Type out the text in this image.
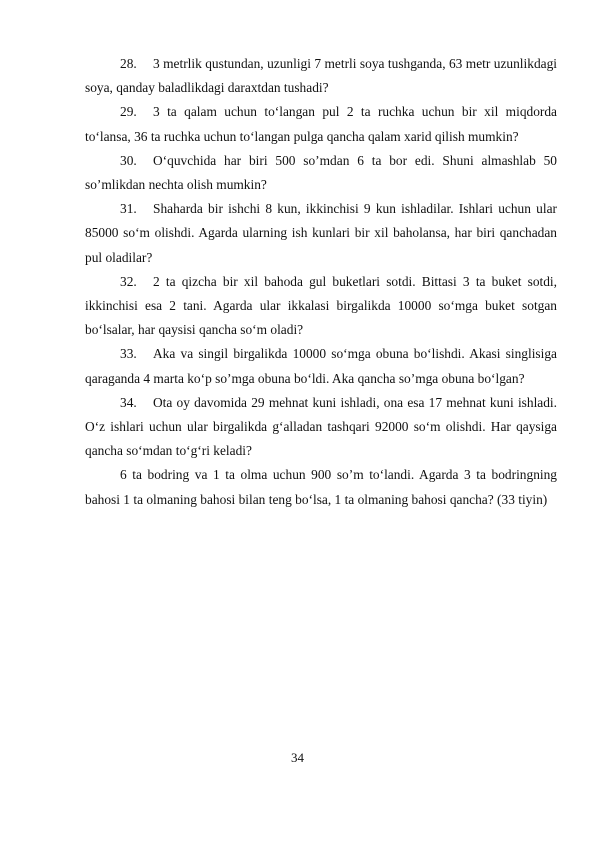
28. 3 metrlik qustundan, uzunligi 7 metrli soya tushganda, 63 metr uzunlikdagi soya, qanday baladlikdagi daraxtdan tushadi?

29. 3 ta qalam uchun to‘langan pul 2 ta ruchka uchun bir xil miqdorda to‘lansa, 36 ta ruchka uchun to‘langan pulga qancha qalam xarid qilish mumkin?

30. O‘quvchida har biri 500 so’mdan 6 ta bor edi. Shuni almashlab 50 so’mlikdan nechta olish mumkin?

31. Shaharda bir ishchi 8 kun, ikkinchisi 9 kun ishladilar. Ishlari uchun ular 85000 so‘m olishdi. Agarda ularning ish kunlari bir xil baholansa, har biri qanchadan pul oladilar?

32. 2 ta qizcha bir xil bahoda gul buketlari sotdi. Bittasi 3 ta buket sotdi, ikkinchisi esa 2 tani. Agarda ular ikkalasi birgalikda 10000 so‘mga buket sotgan bo‘lsalar, har qaysisi qancha so‘m oladi?

33. Aka va singil birgalikda 10000 so‘mga obuna bo‘lishdi. Akasi singlisiga qaraganda 4 marta ko‘p so’mga obuna bo‘ldi. Aka qancha so’mga obuna bo‘lgan?

34. Ota oy davomida 29 mehnat kuni ishladi, ona esa 17 mehnat kuni ishladi. O‘z ishlari uchun ular birgalikda g‘alladan tashqari 92000 so‘m olishdi. Har qaysiga qancha so‘mdan to‘g‘ri keladi?

6 ta bodring va 1 ta olma uchun 900 so’m to‘landi. Agarda 3 ta bodringning bahosi 1 ta olmaning bahosi bilan teng bo‘lsa, 1 ta olmaning bahosi qancha? (33 tiyin)

34
